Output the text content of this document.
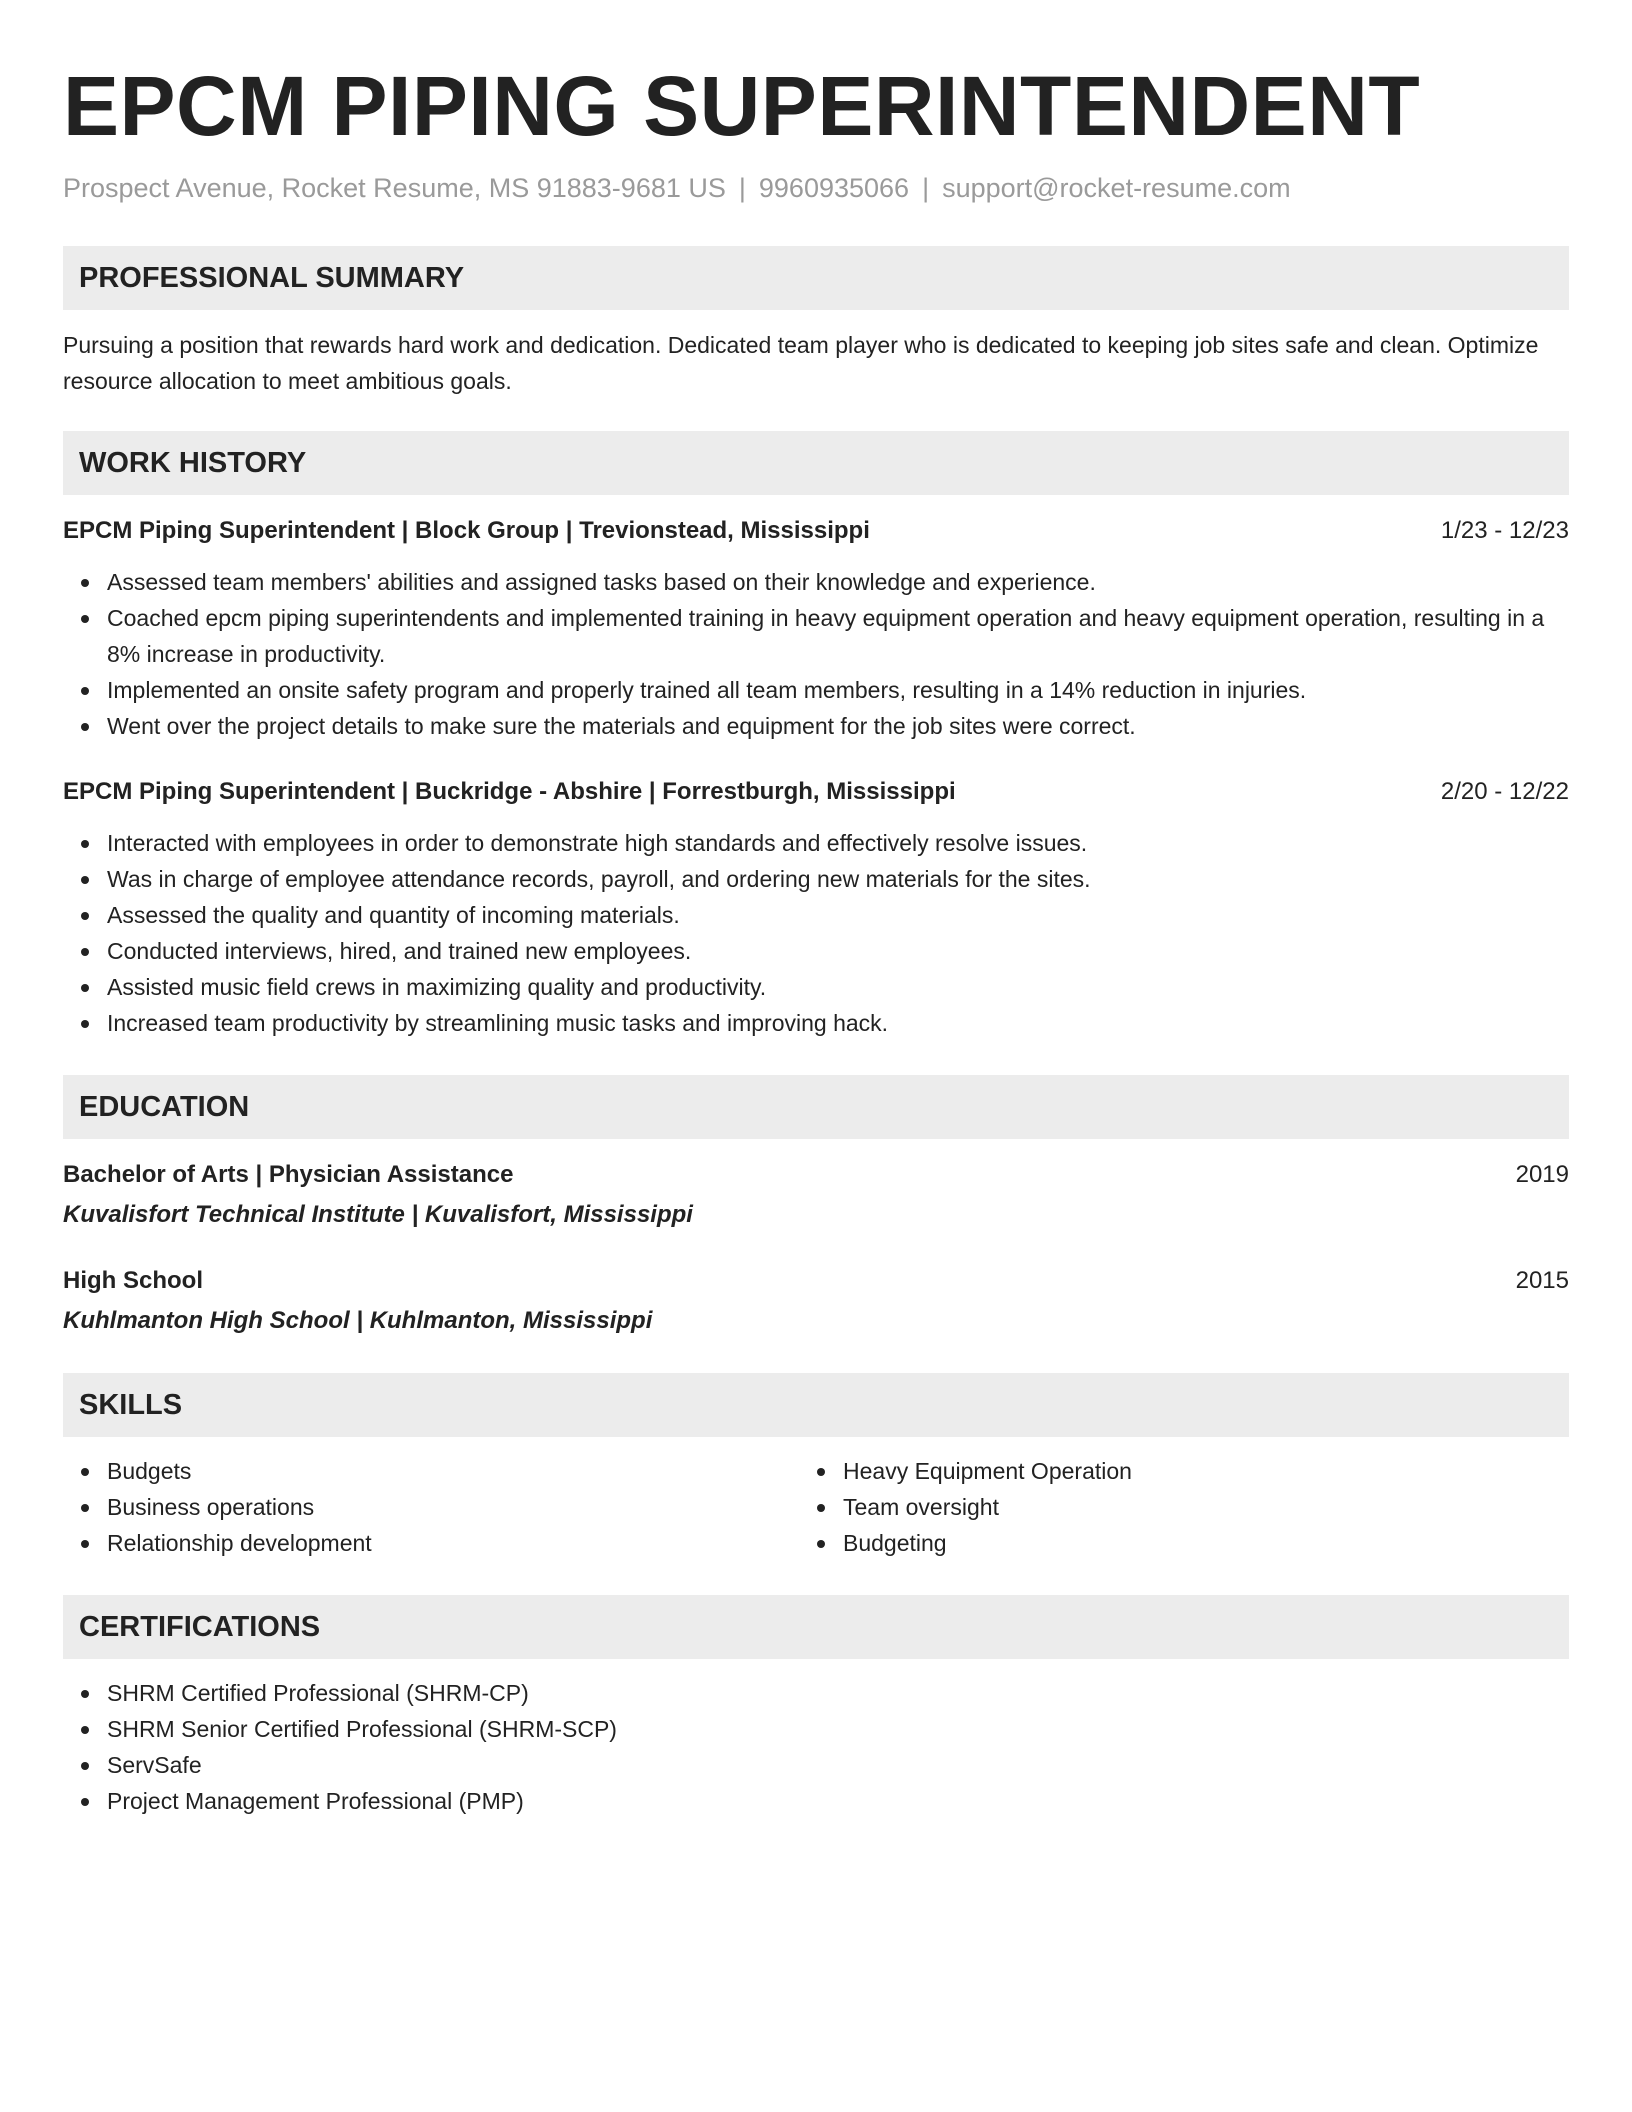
EPCM PIPING SUPERINTENDENT
Prospect Avenue, Rocket Resume, MS 91883-9681 US | 9960935066 | support@rocket-resume.com
PROFESSIONAL SUMMARY

Pursuing a position that rewards hard work and dedication. Dedicated team player who is dedicated to keeping job sites safe and clean. Optimize resource allocation to meet ambitious goals.

WORK HISTORY
EPCM Piping Superintendent | Block Group | Trevionstead, Mississippi	1/23 - 12/23
Assessed team members' abilities and assigned tasks based on their knowledge and experience.
Coached epcm piping superintendents and implemented training in heavy equipment operation and heavy equipment operation, resulting in a 8% increase in productivity.
Implemented an onsite safety program and properly trained all team members, resulting in a 14% reduction in injuries.
Went over the project details to make sure the materials and equipment for the job sites were correct.
EPCM Piping Superintendent | Buckridge - Abshire | Forrestburgh, Mississippi	2/20 - 12/22
Interacted with employees in order to demonstrate high standards and effectively resolve issues.
Was in charge of employee attendance records, payroll, and ordering new materials for the sites.
Assessed the quality and quantity of incoming materials.
Conducted interviews, hired, and trained new employees.
Assisted music field crews in maximizing quality and productivity.
Increased team productivity by streamlining music tasks and improving hack.
EDUCATION
Bachelor of Arts | Physician Assistance	2019
Kuvalisfort Technical Institute | Kuvalisfort, Mississippi
High School	2015
Kuhlmanton High School | Kuhlmanton, Mississippi
SKILLS
Budgets
Business operations
Relationship development
Heavy Equipment Operation
Team oversight
Budgeting
CERTIFICATIONS
SHRM Certified Professional (SHRM-CP)
SHRM Senior Certified Professional (SHRM-SCP)
ServSafe
Project Management Professional (PMP)
